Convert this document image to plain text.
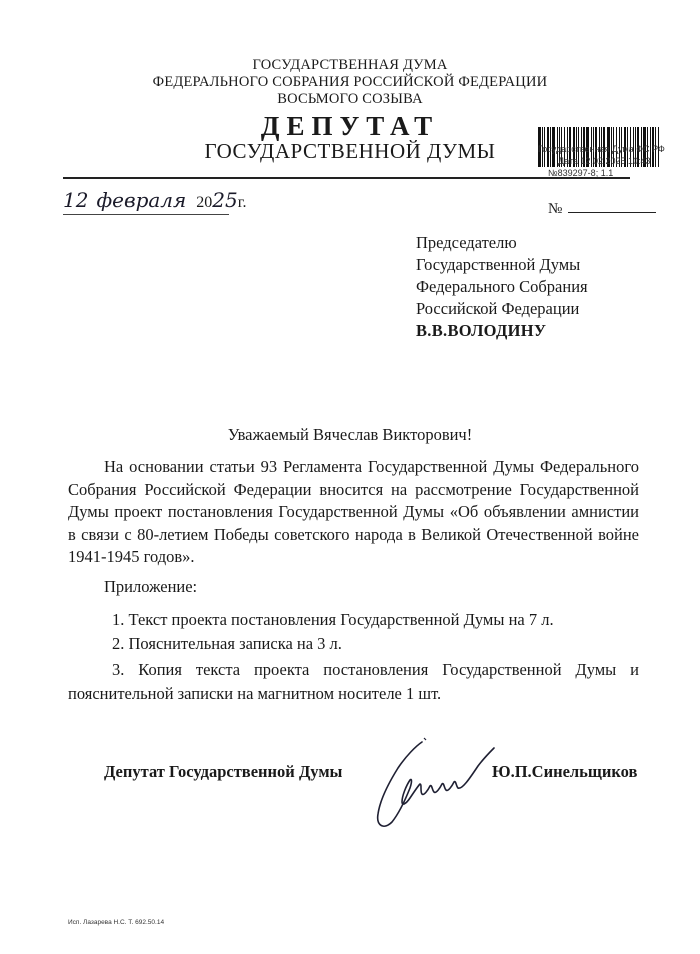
ГОСУДАРСТВЕННАЯ ДУМА
ФЕДЕРАЛЬНОГО СОБРАНИЯ РОССИЙСКОЙ ФЕДЕРАЦИИ
ВОСЬМОГО СОЗЫВА
ДЕПУТАТ
ГОСУДАРСТВЕННОЙ ДУМЫ	Государственная Дума ФС РФ
Дата 12.02.2025 10:43
№839297-8; 1.1
12 февраля 2025г.	№
Председателю
Государственной Думы
Федерального Собрания
Российской Федерации
В.В.ВОЛОДИНУ
Уважаемый Вячеслав Викторович!
На основании статьи 93 Регламента Государственной Думы Федерального
Собрания Российской Федерации вносится на рассмотрение Государственной
Думы проект постановления Государственной Думы «Об объявлении амнистии
в связи с 80-летием Победы советского народа в Великой Отечественной войне
1941-1945 годов».
Приложение:
1. Текст проекта постановления Государственной Думы на 7 л.
2. Пояснительная записка на 3 л.
3. Копия текста проекта постановления Государственной Думы и
пояснительной записки на магнитном носителе 1 шт.
Депутат Государственной Думы	Ю.П.Синельщиков
Исп. Лазарева Н.С. Т. 692.50.14
